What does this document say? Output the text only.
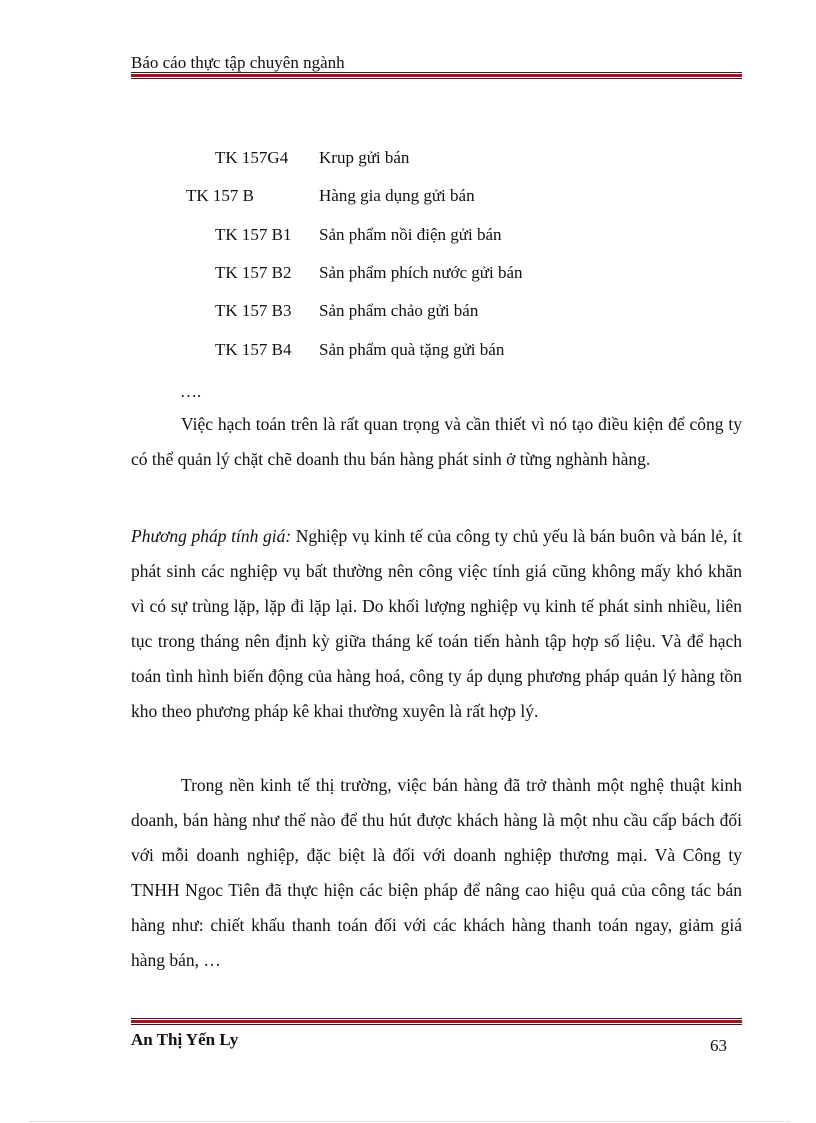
Báo cáo thực tập chuyên ngành
TK 157G4 Krup gửi bán
TK 157 B	Hàng gia dụng gửi bán
TK 157 B1 Sản phẩm nồi điện gửi bán
TK 157 B2 Sản phẩm phích nước gửi bán
TK 157 B3 Sản phẩm chảo gửi bán
TK 157 B4 Sản phẩm quà tặng gửi bán
….

Việc hạch toán trên là rất quan trọng và cần thiết vì nó tạo điều kiện để công ty có thể quản lý chặt chẽ doanh thu bán hàng phát sinh ở từng nghành hàng.

Phương pháp tính giá: Nghiệp vụ kinh tế của công ty chủ yếu là bán buôn và bán lẻ, ít phát sinh các nghiệp vụ bất thường nên công việc tính giá cũng không mấy khó khăn vì có sự trùng lặp, lặp đi lặp lại. Do khối lượng nghiệp vụ kinh tế phát sinh nhiều, liên tục trong tháng nên định kỳ giữa tháng kế toán tiến hành tập hợp số liệu. Và để hạch toán tình hình biến động của hàng hoá, công ty áp dụng phương pháp quản lý hàng tồn kho theo phương pháp kê khai thường xuyên là rất hợp lý.

Trong nền kinh tế thị trường, việc bán hàng đã trở thành một nghệ thuật kinh doanh, bán hàng như thế nào để thu hút được khách hàng là một nhu cầu cấp bách đối với mỗi doanh nghiệp, đặc biệt là đối với doanh nghiệp thương mại. Và Công ty TNHH Ngoc Tiên đã thực hiện các biện pháp để nâng cao hiệu quả của công tác bán hàng như: chiết khấu thanh toán đối với các khách hàng thanh toán ngay, giảm giá hàng bán, …

An Thị Yến Ly	63
